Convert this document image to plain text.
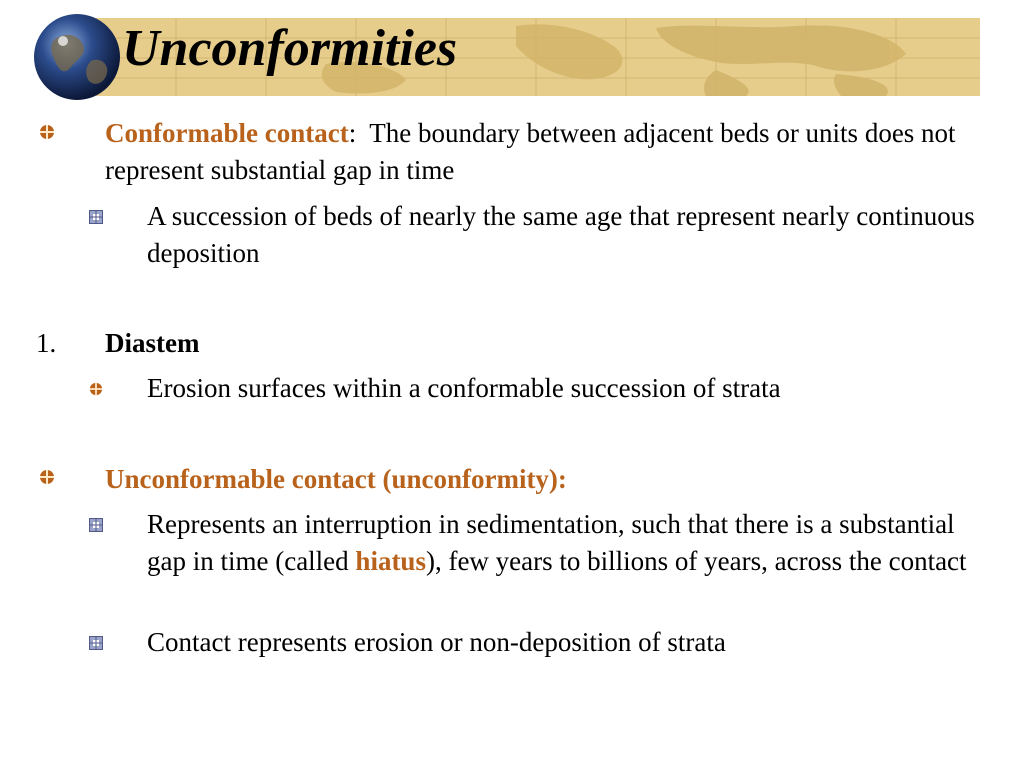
Unconformities
Conformable contact:  The boundary between adjacent beds or units does not represent substantial gap in time
A succession of beds of nearly the same age that represent nearly continuous deposition
1. Diastem
Erosion surfaces within a conformable succession of strata
Unconformable contact (unconformity):
Represents an interruption in sedimentation, such that there is a substantial gap in time (called hiatus), few years to billions of years, across the contact
Contact represents erosion or non-deposition of strata
